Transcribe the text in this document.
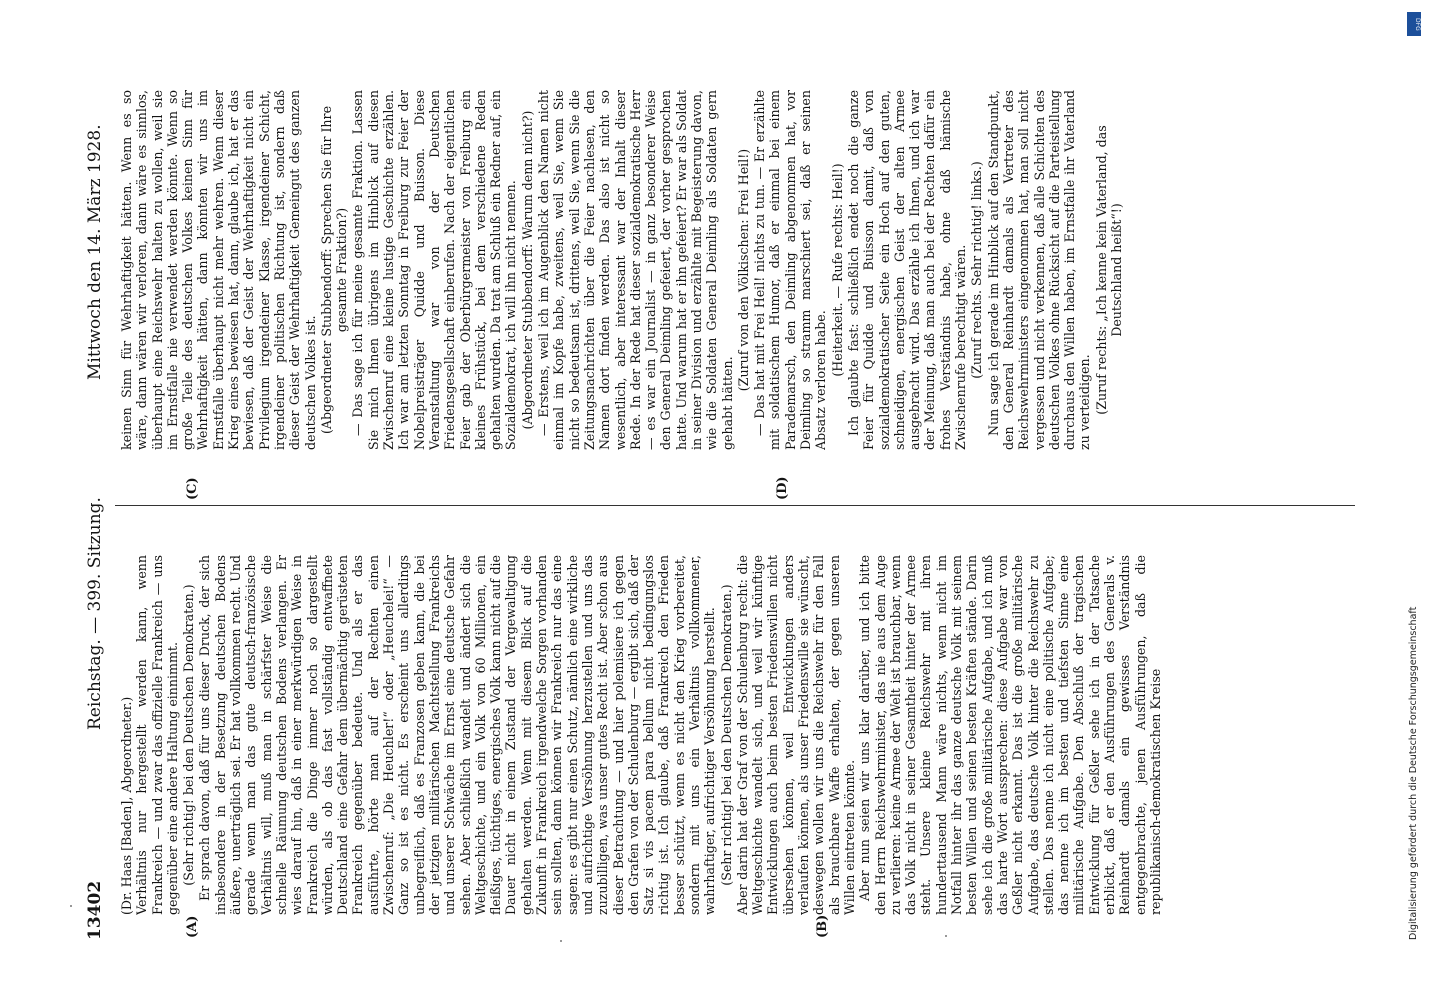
13402
Reichstag. — 399. Sitzung.
Mittwoch den 14. März 1928.
(A)	(B)
(C)	(D)

(Dr. Haas [Baden], Abgeordneter.) Verhältnis nur hergestellt werden kann, wenn Frankreich — und zwar das offizielle Frankreich — uns gegenüber eine andere Haltung einnimmt. (Sehr richtig! bei den Deutschen Demokraten.) Er sprach davon, daß für uns dieser Druck, der sich insbesondere in der Besetzung deutschen Bodens äußere, unerträglich sei. Er hat vollkommen recht. Und gerade wenn man das gute deutsch-französische Verhältnis will, muß man in schärfster Weise die schnelle Räumung deutschen Bodens verlangen. Er wies darauf hin, daß in einer merkwürdigen Weise in Frankreich die Dinge immer noch so dargestellt würden, als ob das fast vollständig entwaffnete Deutschland eine Gefahr dem übermächtig gerüsteten Frankreich gegenüber bedeute. Und als er das ausführte, hörte man auf der Rechten einen Zwischenruf: „Die Heuchler!“ oder „Heuchelei!“ — Ganz so ist es nicht. Es erscheint uns allerdings unbegreiflich, daß es Franzosen geben kann, die bei der jetzigen militärischen Machtstellung Frankreichs und unserer Schwäche im Ernst eine deutsche Gefahr sehen. Aber schließlich wandelt und ändert sich die Weltgeschichte, und ein Volk von 60 Millionen, ein fleißiges, tüchtiges, energisches Volk kann nicht auf die Dauer nicht in einem Zustand der Vergewaltigung gehalten werden. Wenn mit diesem Blick auf die Zukunft in Frankreich irgendwelche Sorgen vorhanden sein sollten, dann können wir Frankreich nur das eine sagen: es gibt nur einen Schutz, nämlich eine wirkliche und aufrichtige Versöhnung herzustellen und uns das zuzubilligen, was unser gutes Recht ist. Aber schon aus dieser Betrachtung — und hier polemisiere ich gegen den Grafen von der Schulenburg — ergibt sich, daß der Satz si vis pacem para bellum nicht bedingungslos richtig ist. Ich glaube, daß Frankreich den Frieden besser schützt, wenn es nicht den Krieg vorbereitet, sondern mit uns ein Verhältnis vollkommener, wahrhaftiger, aufrichtiger Versöhnung herstellt. (Sehr richtig! bei den Deutschen Demokraten.) Aber darin hat der Graf von der Schulenburg recht: die Weltgeschichte wandelt sich, und weil wir künftige Entwicklungen auch beim besten Friedenswillen nicht übersehen können, weil Entwicklungen anders verlaufen können, als unser Friedenswille sie wünscht, deswegen wollen wir uns die Reichswehr für den Fall als brauchbare Waffe erhalten, der gegen unseren Willen eintreten könnte. Aber nun seien wir uns klar darüber, und ich bitte den Herrn Reichswehrminister, das nie aus dem Auge zu verlieren: keine Armee der Welt ist brauchbar, wenn das Volk nicht in seiner Gesamtheit hinter der Armee steht. Unsere kleine Reichswehr mit ihren hunderttausend Mann wäre nichts, wenn nicht im Notfall hinter ihr das ganze deutsche Volk mit seinem besten Willen und seinen besten Kräften stände. Darin sehe ich die große militärische Aufgabe, und ich muß das harte Wort aussprechen: diese Aufgabe war von Geßler nicht erkannt. Das ist die große militärische Aufgabe, das deutsche Volk hinter die Reichswehr zu stellen. Das nenne ich nicht eine politische Aufgabe; das nenne ich im besten und tiefsten Sinne eine militärische Aufgabe. Den Abschluß der tragischen Entwicklung für Geßler sehe ich in der Tatsache erblickt, daß er den Ausführungen des Generals v. Reinhardt damals ein gewisses Verständnis entgegenbrachte, jenen Ausführungen, daß die republikanisch-demokratischen Kreise

keinen Sinn für Wehrhaftigkeit hätten. Wenn es so wäre, dann wären wir verloren, dann wäre es sinnlos, überhaupt eine Reichswehr halten zu wollen, weil sie im Ernstfalle nie verwendet werden könnte. Wenn so große Teile des deutschen Volkes keinen Sinn für Wehrhaftigkeit hätten, dann könnten wir uns im Ernstfalle überhaupt nicht mehr wehren. Wenn dieser Krieg eines bewiesen hat, dann, glaube ich, hat er das bewiesen, daß der Geist der Wehrhaftigkeit nicht ein Privilegium irgendeiner Klasse, irgendeiner Schicht, irgendeiner politischen Richtung ist, sondern daß dieser Geist der Wehrhaftigkeit Gemeingut des ganzen deutschen Volkes ist. (Abgeordneter Stubbendorff: Sprechen Sie für Ihre gesamte Fraktion?) — Das sage ich für meine gesamte Fraktion. Lassen Sie mich Ihnen übrigens im Hinblick auf diesen Zwischenruf eine kleine lustige Geschichte erzählen. Ich war am letzten Sonntag in Freiburg zur Feier der Nobelpreisträger Quidde und Buisson. Diese Veranstaltung war von der Deutschen Friedensgesellschaft einberufen. Nach der eigentlichen Feier gab der Oberbürgermeister von Freiburg ein kleines Frühstück, bei dem verschiedene Reden gehalten wurden. Da trat am Schluß ein Redner auf, ein Sozialdemokrat, ich will ihn nicht nennen. (Abgeordneter Stubbendorff: Warum denn nicht?) — Erstens, weil ich im Augenblick den Namen nicht einmal im Kopfe habe, zweitens, weil Sie, wenn Sie nicht so bedeutsam ist, drittens, weil Sie, wenn Sie die Zeitungsnachrichten über die Feier nachlesen, den Namen dort finden werden. Das also ist nicht so wesentlich, aber interessant war der Inhalt dieser Rede. In der Rede hat dieser sozialdemokratische Herr — es war ein Journalist — in ganz besonderer Weise den General Deimling gefeiert, der vorher gesprochen hatte. Und warum hat er ihn gefeiert? Er war als Soldat in seiner Division und erzählte mit Begeisterung davon, wie die Soldaten General Deimling als Soldaten gern gehabt hätten.

(Zuruf von den Völkischen: Frei Heil!) — Das hat mit Frei Heil! nichts zu tun. — Er erzählte mit soldatischem Humor, daß er einmal bei einem Parademarsch, den Deimling abgenommen hat, vor Deimling so stramm marschiert sei, daß er seinen Absatz verloren habe.

(Heiterkeit. — Rufe rechts: Heil!) Ich glaubte fast: schließlich endet noch die ganze Feier für Quidde und Buisson damit, daß von sozialdemokratischer Seite ein Hoch auf den guten, schneidigen, energischen Geist der alten Armee ausgebracht wird. Das erzähle ich Ihnen, und ich war der Meinung, daß man auch bei der Rechten dafür ein frohes Verständnis habe, ohne daß hämische Zwischenrufe berechtigt wären. (Zuruf rechts. Sehr richtig! links.) Nun sage ich gerade im Hinblick auf den Standpunkt, den General Reinhardt damals als Vertreter des Reichswehrministers eingenommen hat, man soll nicht vergessen und nicht verkennen, daß alle Schichten des deutschen Volkes ohne Rücksicht auf die Parteistellung durchaus den Willen haben, im Ernstfalle ihr Vaterland zu verteidigen. (Zuruf rechts: „Ich kenne kein Vaterland, das Deutschland heißt“!)

DFG
Digitalisierung gefördert durch die Deutsche Forschungsgemeinschaft
